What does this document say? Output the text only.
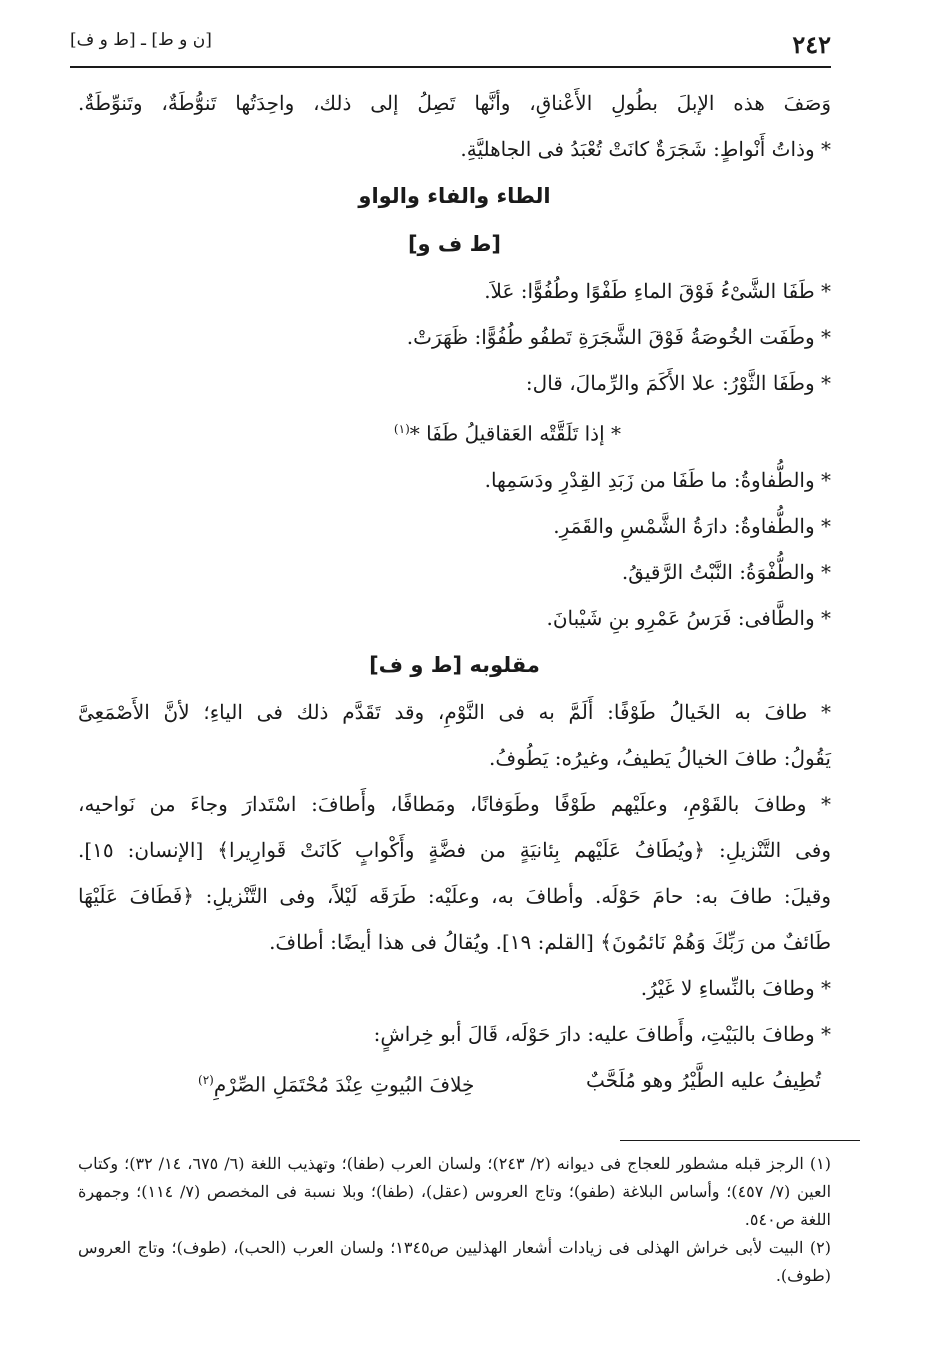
٢٤٢
[ن و ط] ـ [ط و ف]

وَصَفَ هذه الإبلَ بطُولِ الأَعْناقِ، وأنَّها تَصِلُ إلى ذلك، واحِدَتُها تَنوُّطَةٌ، وتَنوِّطَةٌ.

* وذاتُ أَنْواطٍ: شَجَرَةٌ كانَتْ تُعْبَدُ فى الجاهليَّةِ.

الطاء والفاء والواو

[ط ف و]

* طَفَا الشَّىْءُ فَوْقَ الماءِ طَفْوًا وطُفُوًّا: عَلاَ.

* وطَفَت الخُوصَةُ فَوْقَ الشَّجَرَةِ تَطفُو طُفُوًّا: ظَهَرَتْ.

* وطَفَا الثَّوْرُ: علا الأَكَمَ والرِّمالَ، قال:

* إذا تَلَقَّتْه العَقاقيلُ طَفَا *$^{(١)}$

* والطُّفاوةُ: ما طَفَا من زَبَدِ القِدْرِ ودَسَمِها.

* والطُّفاوةُ: دارَةُ الشَّمْسِ والقَمَرِ.

* والطُّفْوَةُ: النَّبْتُ الرَّقيقُ.

* والطَّافى: فَرَسُ عَمْرِو بنِ شَيْبانَ.

مقلوبه [ط و ف]

* طافَ به الخَيالُ طَوْفًا: أَلَمَّ به فى النَّوْمِ، وقد تَقَدَّم ذلك فى الياءِ؛ لأنَّ الأَصْمَعِىَّ

يَقُولُ: طافَ الخيالُ يَطيفُ، وغيرُه: يَطُوفُ.

* وطافَ بالقَوْمِ، وعلَيْهم طَوْفًا وطَوَفانًا، ومَطافًا، وأَطافَ: اسْتَدارَ وجاءَ من نَواحيه،

وفى التَّنْزيلِ: ﴿ويُطَافُ عَلَيْهم بِئانيَةٍ من فضَّةٍ وأَكْوابٍ كَانَتْ قَوارِيرا﴾ [الإنسان: ١٥].

وقيلَ: طافَ به: حامَ حَوْلَه. وأطافَ به، وعلَيْه: طَرَقَه لَيْلاً، وفى التَّنْزيلِ: ﴿فَطَافَ عَلَيْهَا

طَائفٌ من رَبِّكَ وَهُمْ نَائمُونَ﴾ [القلم: ١٩]. ويُقالُ فى هذا أيضًا: أطافَ.

* وطافَ بالنِّساءِ لا غَيْرُ.

* وطافَ بالبَيْتِ، وأَطافَ عليه: دارَ حَوْلَه، قَالَ أبو خِراشٍ:

تُطِيفُ عليه الطَّيْرُ وهو مُلَحَّبٌ
خِلافَ البُيوتِ عِنْدَ مُحْتَمَلِ الصِّرْمِ$^{(٢)}$

(١) الرجز قبله مشطور للعجاج فى ديوانه (٢/ ٢٤٣)؛ ولسان العرب (طفا)؛ وتهذيب اللغة (٦/ ٦٧٥، ١٤/ ٣٢)؛ وكتاب العين (٧/ ٤٥٧)؛ وأساس البلاغة (طفو)؛ وتاج العروس (عقل)، (طفا)؛ وبلا نسبة فى المخصص (٧/ ١١٤)؛ وجمهرة اللغة ص٥٤٠.

(٢) البيت لأبى خراش الهذلى فى زيادات أشعار الهذليين ص١٣٤٥؛ ولسان العرب (الحب)، (طوف)؛ وتاج العروس (طوف).
